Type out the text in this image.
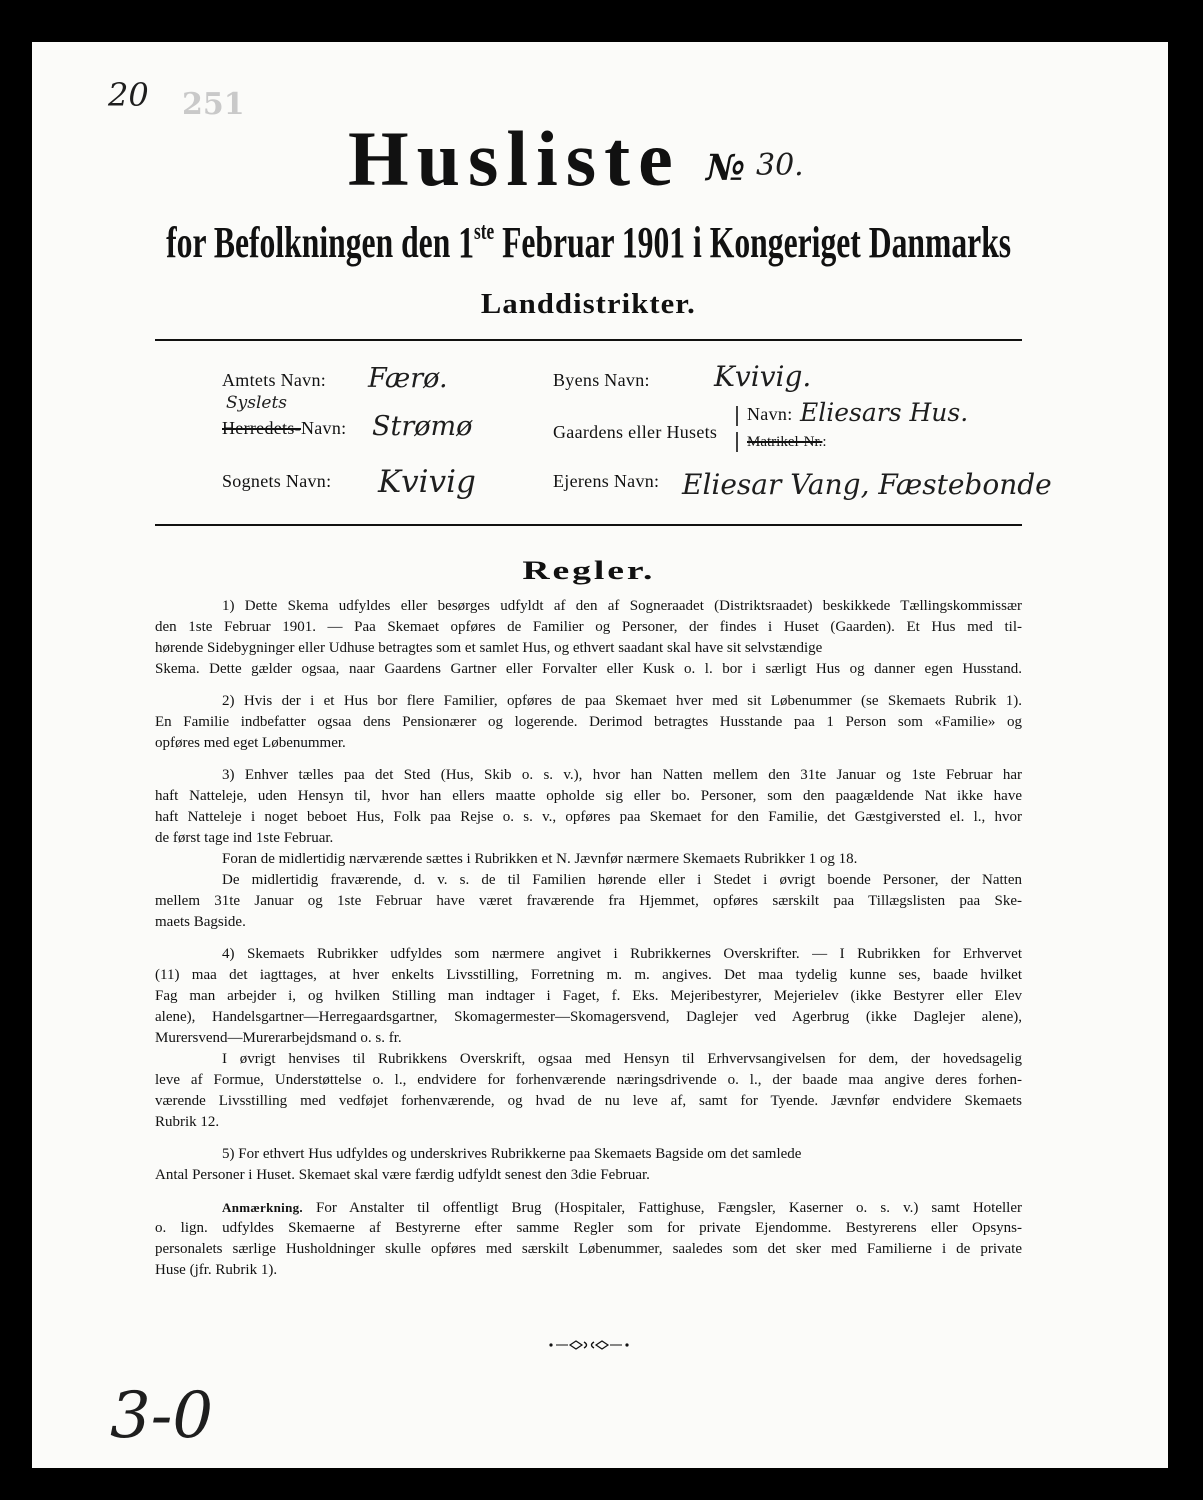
20 251
Husliste № 30.
for Befolkningen den 1ste Februar 1901 i Kongeriget Danmarks
Landdistrikter.
Amtets Navn: Færø.	Byens Navn: Kvivig.
Syslets
Herredets-Navn: Strømø	Gaardens eller Husets
Navn: Eliesars Hus.
Matrikel-Nr.:
Sognets Navn: Kvivig	Ejerens Navn: Eliesar Vang, Fæstebonde
Regler.
1) Dette Skema udfyldes eller besørges udfyldt af den af Sogneraadet (Distriktsraadet) beskikkede Tællingskommissær
den 1ste Februar 1901. — Paa Skemaet opføres de Familier og Personer, der findes i Huset (Gaarden). Et Hus med til-
hørende Sidebygninger eller Udhuse betragtes som et samlet Hus, og ethvert saadant skal have sit selvstændige
Skema. Dette gælder ogsaa, naar Gaardens Gartner eller Forvalter eller Kusk o. l. bor i særligt Hus og danner egen Husstand.
2) Hvis der i et Hus bor flere Familier, opføres de paa Skemaet hver med sit Løbenummer (se Skemaets Rubrik 1).
En Familie indbefatter ogsaa dens Pensionærer og logerende. Derimod betragtes Husstande paa 1 Person som «Familie» og
opføres med eget Løbenummer.
3) Enhver tælles paa det Sted (Hus, Skib o. s. v.), hvor han Natten mellem den 31te Januar og 1ste Februar har
haft Natteleje, uden Hensyn til, hvor han ellers maatte opholde sig eller bo. Personer, som den paagældende Nat ikke have
haft Natteleje i noget beboet Hus, Folk paa Rejse o. s. v., opføres paa Skemaet for den Familie, det Gæstgiversted el. l., hvor
de først tage ind 1ste Februar.
Foran de midlertidig nærværende sættes i Rubrikken et N. Jævnfør nærmere Skemaets Rubrikker 1 og 18.
De midlertidig fraværende, d. v. s. de til Familien hørende eller i Stedet i øvrigt boende Personer, der Natten
mellem 31te Januar og 1ste Februar have været fraværende fra Hjemmet, opføres særskilt paa Tillægslisten paa Ske-
maets Bagside.
4) Skemaets Rubrikker udfyldes som nærmere angivet i Rubrikkernes Overskrifter. — I Rubrikken for Erhvervet
(11) maa det iagttages, at hver enkelts Livsstilling, Forretning m. m. angives. Det maa tydelig kunne ses, baade hvilket
Fag man arbejder i, og hvilken Stilling man indtager i Faget, f. Eks. Mejeribestyrer, Mejerielev (ikke Bestyrer eller Elev
alene), Handelsgartner—Herregaardsgartner, Skomagermester—Skomagersvend, Daglejer ved Agerbrug (ikke Daglejer alene),
Murersvend—Murerarbejdsmand o. s. fr.
I øvrigt henvises til Rubrikkens Overskrift, ogsaa med Hensyn til Erhvervsangivelsen for dem, der hovedsagelig
leve af Formue, Understøttelse o. l., endvidere for forhenværende næringsdrivende o. l., der baade maa angive deres forhen-
værende Livsstilling med vedføjet forhenværende, og hvad de nu leve af, samt for Tyende. Jævnfør endvidere Skemaets
Rubrik 12.
5) For ethvert Hus udfyldes og underskrives Rubrikkerne paa Skemaets Bagside om det samlede
Antal Personer i Huset. Skemaet skal være færdig udfyldt senest den 3die Februar.
Anmærkning. For Anstalter til offentligt Brug (Hospitaler, Fattighuse, Fængsler, Kaserner o. s. v.) samt Hoteller
o. lign. udfyldes Skemaerne af Bestyrerne efter samme Regler som for private Ejendomme. Bestyrerens eller Opsyns-
personalets særlige Husholdninger skulle opføres med særskilt Løbenummer, saaledes som det sker med Familierne i de private
Huse (jfr. Rubrik 1).
3-0
